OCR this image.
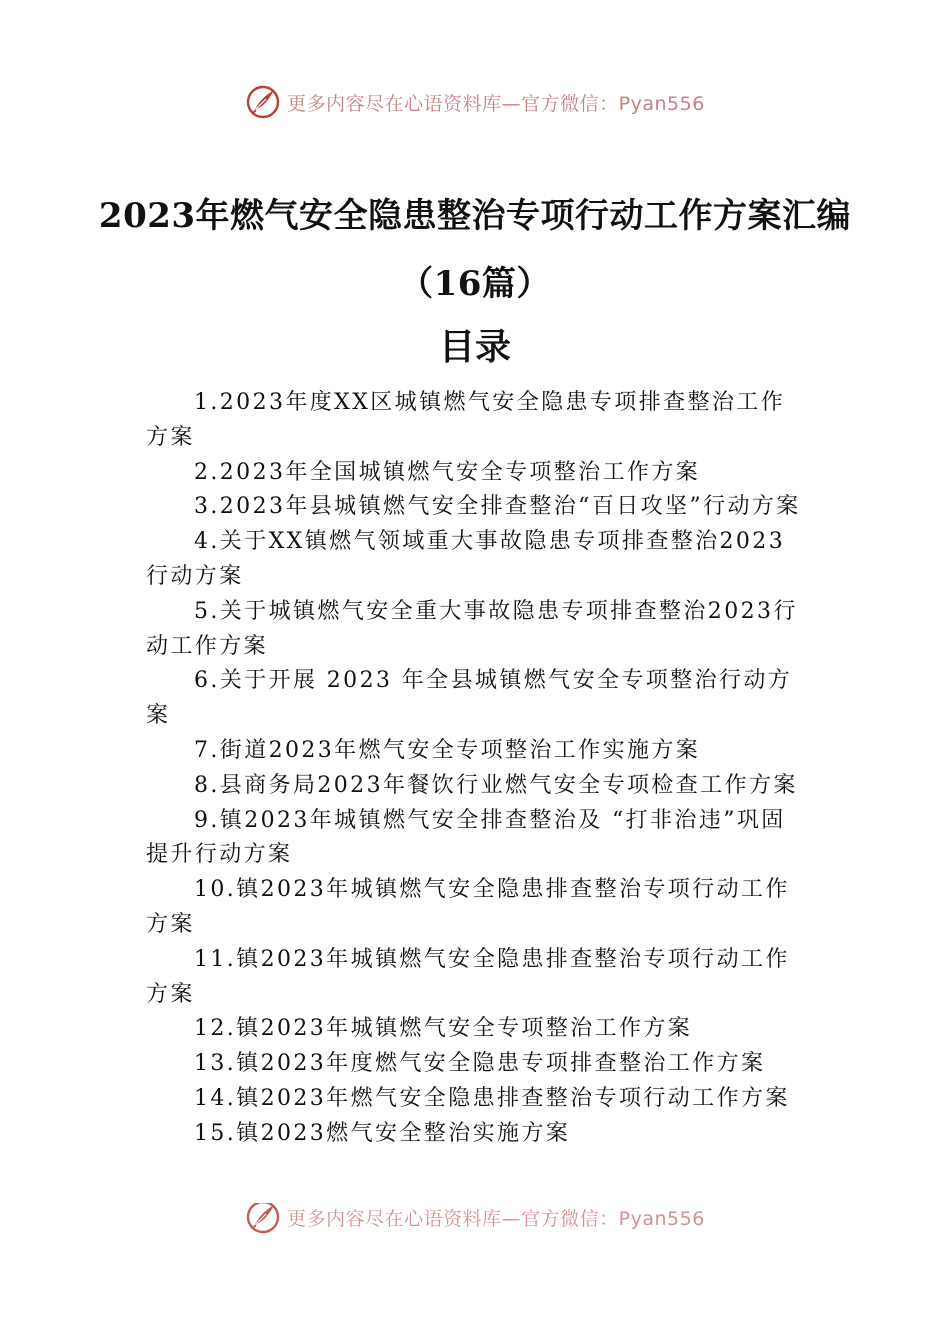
更多内容尽在心语资料库—官方微信：Pyan556
2023年燃气安全隐患整治专项行动工作方案汇编（16篇）
目录
1.2023年度XX区城镇燃气安全隐患专项排查整治工作方案
2.2023年全国城镇燃气安全专项整治工作方案
3.2023年县城镇燃气安全排查整治“百日攻坚”行动方案
4.关于XX镇燃气领域重大事故隐患专项排查整治2023行动方案
5.关于城镇燃气安全重大事故隐患专项排查整治2023行动工作方案
6.关于开展 2023 年全县城镇燃气安全专项整治行动方案
7.街道2023年燃气安全专项整治工作实施方案
8.县商务局2023年餐饮行业燃气安全专项检查工作方案
9.镇2023年城镇燃气安全排查整治及 “打非治违”巩固提升行动方案
10.镇2023年城镇燃气安全隐患排查整治专项行动工作方案
11.镇2023年城镇燃气安全隐患排查整治专项行动工作方案
12.镇2023年城镇燃气安全专项整治工作方案
13.镇2023年度燃气安全隐患专项排查整治工作方案
14.镇2023年燃气安全隐患排查整治专项行动工作方案
15.镇2023燃气安全整治实施方案
更多内容尽在心语资料库—官方微信：Pyan556
